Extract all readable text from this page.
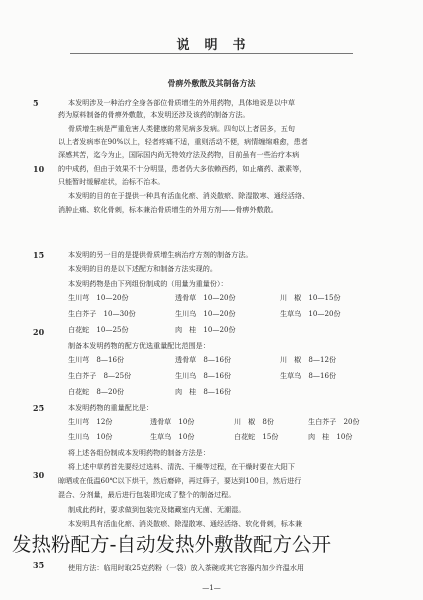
说　明　书
骨痹外敷散及其制备方法
5
10
15
20
25
30
35
本发明涉及一种治疗全身各部位骨质增生的外用药物，具体地说是以中草
药为原料制备的骨痹外敷散，本发明还涉及该药的制备方法。
骨质增生病是严重危害人类健康的常见病多发病。四旬以上者居多，五旬
以上者发病率在90%以上，轻者疼痛不适，重则活动不便，病情缠绵难愈，患者
深感其苦，迄今为止，国际国内尚无特效疗法及药物，目前虽有一些治疗本病
的中成药，但由于效果不十分明显，患者仍大多依赖西药，如止痛药、激素等，
只能暂时缓解症状，治标不治本。
本发明的目的在于提供一种具有活血化瘀、消炎散瘀、除湿散寒、通经活络、
消肿止痛、软化骨刺，标本兼治骨质增生的外用方剂——骨痹外敷散。
本发明的另一目的是提供骨质增生病治疗方剂的制备方法。
本发明的目的是以下述配方和制备方法实现的。
本发明药物是由下列组份制成的（用量为重量份）：
生川芎　10—20份	透骨草　10—20份	川　椒　10—15份
生白芥子　10—30份	生川乌　10—20份	生草乌　10—20份
白花蛇　10—25份	肉　桂　10—20份
制备本发明药物的配方优选重量配比范围是：
生川芎　8—16份	透骨草　8—16份	川　椒　8—12份
生白芥子　8—25份	生川乌　8—16份	生草乌　8—16份
白花蛇　8—20份	肉　桂　8—16份
本发明药物的重量配比是：
生川芎　12份	透骨草　10份	川　椒　8份	生白芥子　20份
生川乌　10份	生草乌　10份	白花蛇　15份	肉　桂　10份
将上述各组份制成本发明药物的制备方法是：
将上述中草药首先要经过选料、清洗、干燥等过程，在干燥时要在大阳下
晾晒或在低温60℃以下烘干，然后磨碎，再过筛子，要达到100目，然后进行
混合、分剂量，最后进行包装即完成了整个的制备过程。
制成此药时，要求做到包装完及储藏室内无菌、无潮湿。
本发明具有活血化瘀、消炎散瘀、除湿散寒、通经活络、软化骨刺，标本兼
使用方法：临用时取25克药粉（一袋）放入茶碗或其它容器内加少许温水用
—1—
发热粉配方-自动发热外敷散配方公开
